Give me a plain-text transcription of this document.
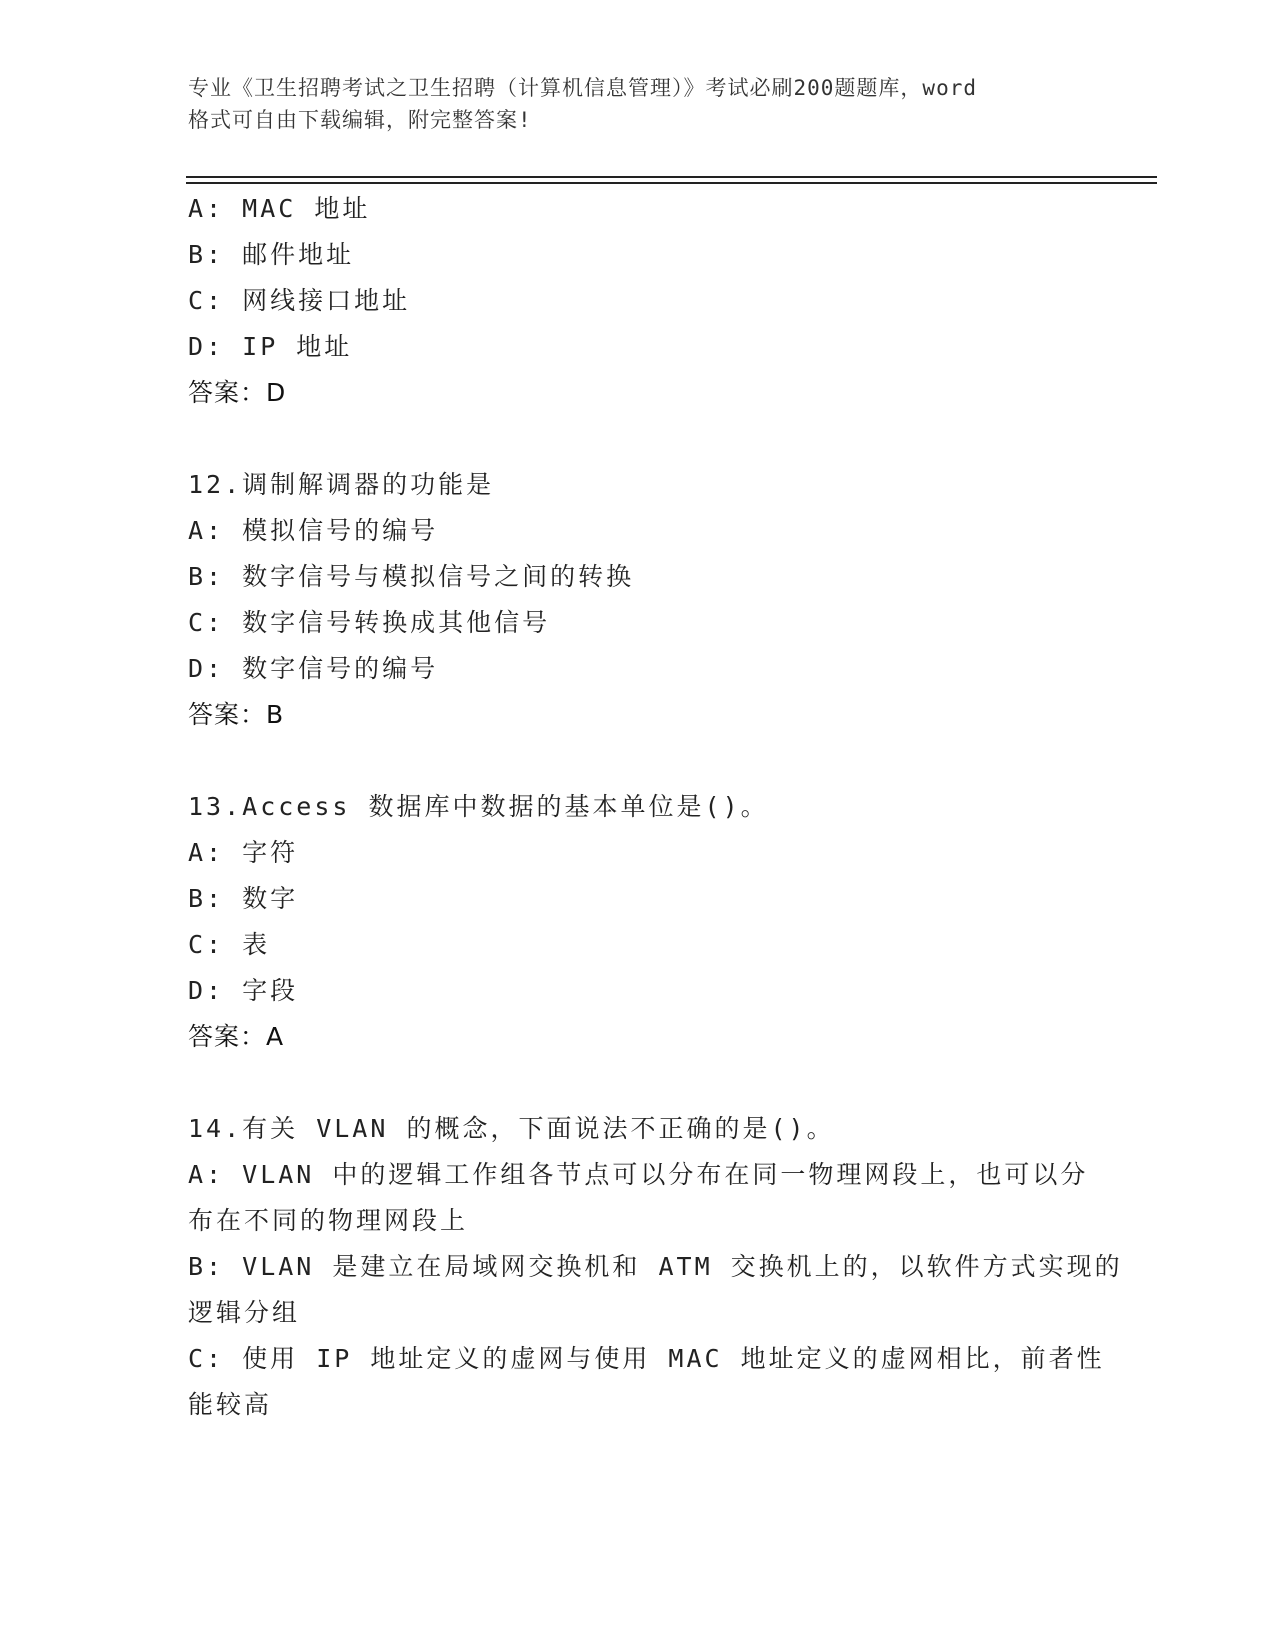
专业《卫生招聘考试之卫生招聘（计算机信息管理）》考试必刷200题题库，word
格式可自由下载编辑，附完整答案!
A: MAC 地址
B: 邮件地址
C: 网线接口地址
D: IP 地址
答案：D
12.调制解调器的功能是
A: 模拟信号的编号
B: 数字信号与模拟信号之间的转换
C: 数字信号转换成其他信号
D: 数字信号的编号
答案：B
13.Access 数据库中数据的基本单位是()。
A: 字符
B: 数字
C: 表
D: 字段
答案：A
14.有关 VLAN 的概念，下面说法不正确的是()。
A: VLAN 中的逻辑工作组各节点可以分布在同一物理网段上，也可以分
布在不同的物理网段上
B: VLAN 是建立在局域网交换机和 ATM 交换机上的，以软件方式实现的
逻辑分组
C: 使用 IP 地址定义的虚网与使用 MAC 地址定义的虚网相比，前者性
能较高
